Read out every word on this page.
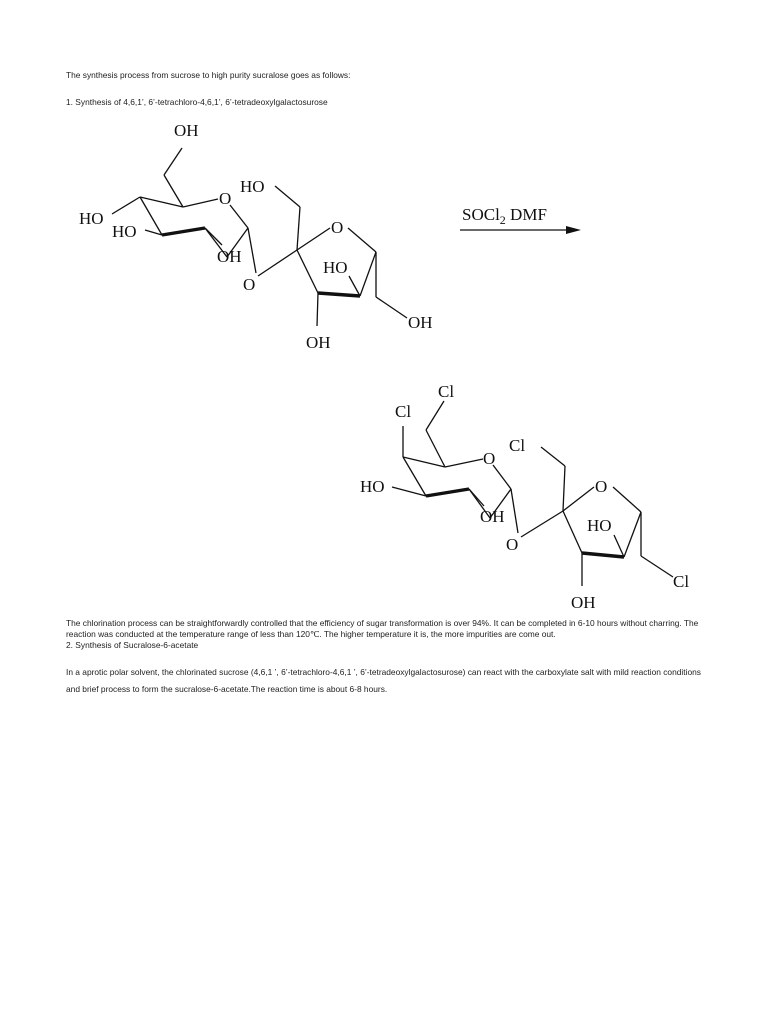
The synthesis process from sucrose to high purity sucralose goes as follows:
1. Synthesis of 4,6,1’, 6’-tetrachloro-4,6,1’, 6’-tetradeoxylgalactosurose
OH
HO
HO
HO
O
OH
O
O
HO
OH
OH
SOCl$_2$ DMF
Cl
Cl
O
Cl
HO
OH
O
O
HO
Cl
OH
The chlorination process can be straightforwardly controlled that the efficiency of sugar transformation is over 94%. It can be completed in 6-10 hours without charring. The reaction was conducted at the temperature range of less than 120℃. The higher temperature it is, the more impurities are come out.
2. Synthesis of Sucralose-6-acetate
In a aprotic polar solvent, the chlorinated sucrose (4,6,1 ’, 6’-tetrachloro-4,6,1 ’, 6’-tetradeoxylgalactosurose) can react with the carboxylate salt with mild reaction conditions and brief process to form the sucralose-6-acetate.The reaction time is about 6-8 hours.
